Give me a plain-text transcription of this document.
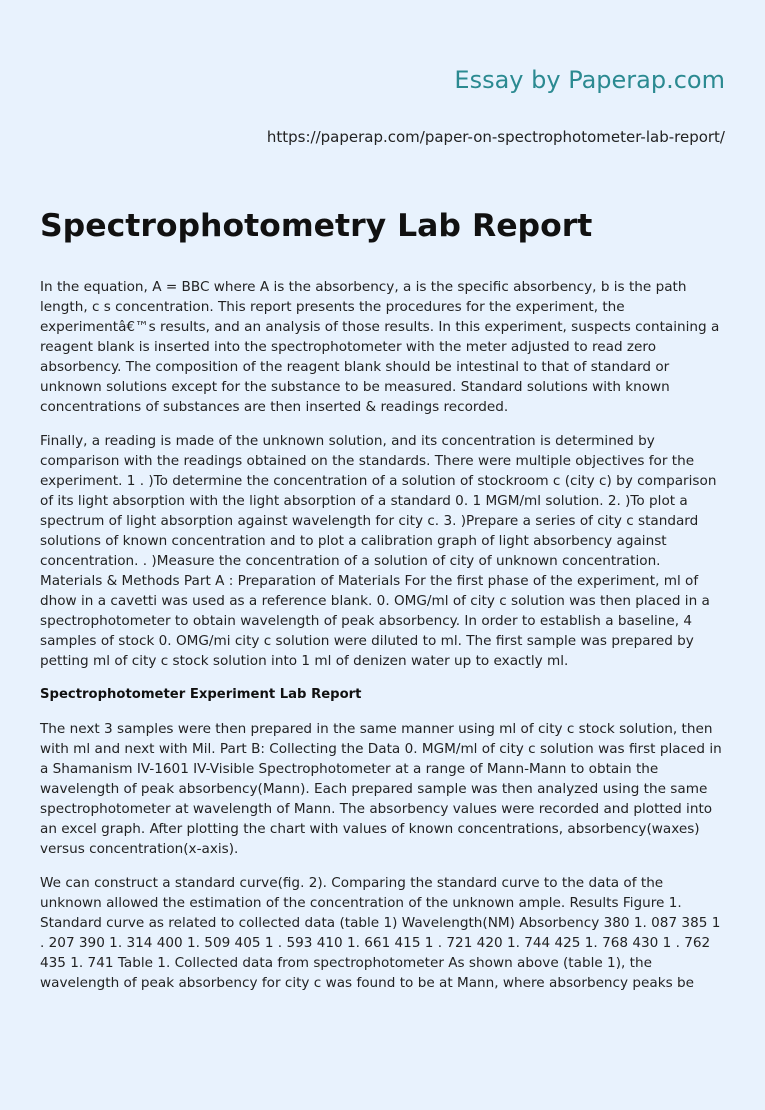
Essay by Paperap.com
https://paperap.com/paper-on-spectrophotometer-lab-report/
Spectrophotometry Lab Report

In the equation, A = BBC where A is the absorbency, a is the specific absorbency, b is the path length, c s concentration. This report presents the procedures for the experiment, the experimentâ€™s results, and an analysis of those results. In this experiment, suspects containing a reagent blank is inserted into the spectrophotometer with the meter adjusted to read zero absorbency. The composition of the reagent blank should be intestinal to that of standard or unknown solutions except for the substance to be measured. Standard solutions with known concentrations of substances are then inserted & readings recorded.

Finally, a reading is made of the unknown solution, and its concentration is determined by comparison with the readings obtained on the standards. There were multiple objectives for the experiment. 1 . )To determine the concentration of a solution of stockroom c (city c) by comparison of its light absorption with the light absorption of a standard 0. 1 MGM/ml solution. 2. )To plot a spectrum of light absorption against wavelength for city c. 3. )Prepare a series of city c standard solutions of known concentration and to plot a calibration graph of light absorbency against concentration. . )Measure the concentration of a solution of city of unknown concentration. Materials & Methods Part A : Preparation of Materials For the first phase of the experiment, ml of dhow in a cavetti was used as a reference blank. 0. OMG/ml of city c solution was then placed in a spectrophotometer to obtain wavelength of peak absorbency. In order to establish a baseline, 4 samples of stock 0. OMG/mi city c solution were diluted to ml. The first sample was prepared by petting ml of city c stock solution into 1 ml of denizen water up to exactly ml.

Spectrophotometer Experiment Lab Report

The next 3 samples were then prepared in the same manner using ml of city c stock solution, then with ml and next with Mil. Part B: Collecting the Data 0. MGM/ml of city c solution was first placed in a Shamanism IV-1601 IV-Visible Spectrophotometer at a range of Mann-Mann to obtain the wavelength of peak absorbency(Mann). Each prepared sample was then analyzed using the same spectrophotometer at wavelength of Mann. The absorbency values were recorded and plotted into an excel graph. After plotting the chart with values of known concentrations, absorbency(waxes) versus concentration(x-axis).

We can construct a standard curve(fig. 2). Comparing the standard curve to the data of the unknown allowed the estimation of the concentration of the unknown ample. Results Figure 1. Standard curve as related to collected data (table 1) Wavelength(NM) Absorbency 380 1. 087 385 1 . 207 390 1. 314 400 1. 509 405 1 . 593 410 1. 661 415 1 . 721 420 1. 744 425 1. 768 430 1 . 762 435 1. 741 Table 1. Collected data from spectrophotometer As shown above (table 1), the wavelength of peak absorbency for city c was found to be at Mann, where absorbency peaks be
